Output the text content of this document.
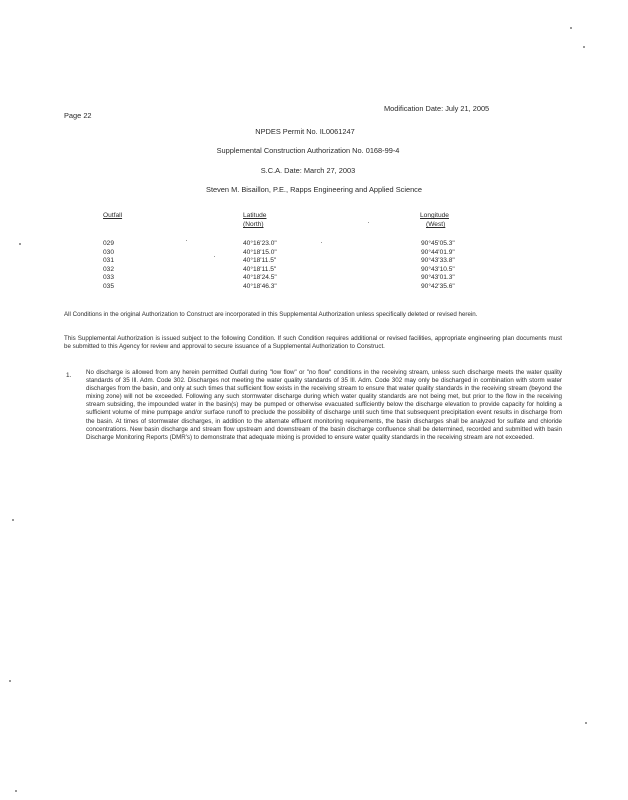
Page 22
Modification Date: July 21, 2005
NPDES Permit No. IL0061247
Supplemental Construction Authorization No. 0168-99-4
S.C.A. Date: March 27, 2003
Steven M. Bisaillon, P.E., Rapps Engineering and Applied Science
Outfall	Latitude
(North)
Longitude
(West)
029
030
031
032
033
035
40°16'23.0"
40°18'15.0"
40°18'11.5"
40°18'11.5"
40°18'24.5"
40°18'46.3"
90°45'05.3"
90°44'01.9"
90°43'33.8"
90°43'10.5"
90°43'01.3"
90°42'35.6"
All Conditions in the original Authorization to Construct are incorporated in this Supplemental Authorization unless specifically deleted or revised herein.
This Supplemental Authorization is issued subject to the following Condition. If such Condition requires additional or revised facilities, appropriate engineering plan documents must be submitted to this Agency for review and approval to secure issuance of a Supplemental Authorization to Construct.
1. No discharge is allowed from any herein permitted Outfall during "low flow" or "no flow" conditions in the receiving stream, unless such discharge meets the water quality standards of 35 Ill. Adm. Code 302. Discharges not meeting the water quality standards of 35 Ill. Adm. Code 302 may only be discharged in combination with storm water discharges from the basin, and only at such times that sufficient flow exists in the receiving stream to ensure that water quality standards in the receiving stream (beyond the mixing zone) will not be exceeded. Following any such stormwater discharge during which water quality standards are not being met, but prior to the flow in the receiving stream subsiding, the impounded water in the basin(s) may be pumped or otherwise evacuated sufficiently below the discharge elevation to provide capacity for holding a sufficient volume of mine pumpage and/or surface runoff to preclude the possibility of discharge until such time that subsequent precipitation event results in discharge from the basin. At times of stormwater discharges, in addition to the alternate effluent monitoring requirements, the basin discharges shall be analyzed for sulfate and chloride concentrations. New basin discharge and stream flow upstream and downstream of the basin discharge confluence shall be determined, recorded and submitted with basin Discharge Monitoring Reports (DMR's) to demonstrate that adequate mixing is provided to ensure water quality standards in the receiving stream are not exceeded.
